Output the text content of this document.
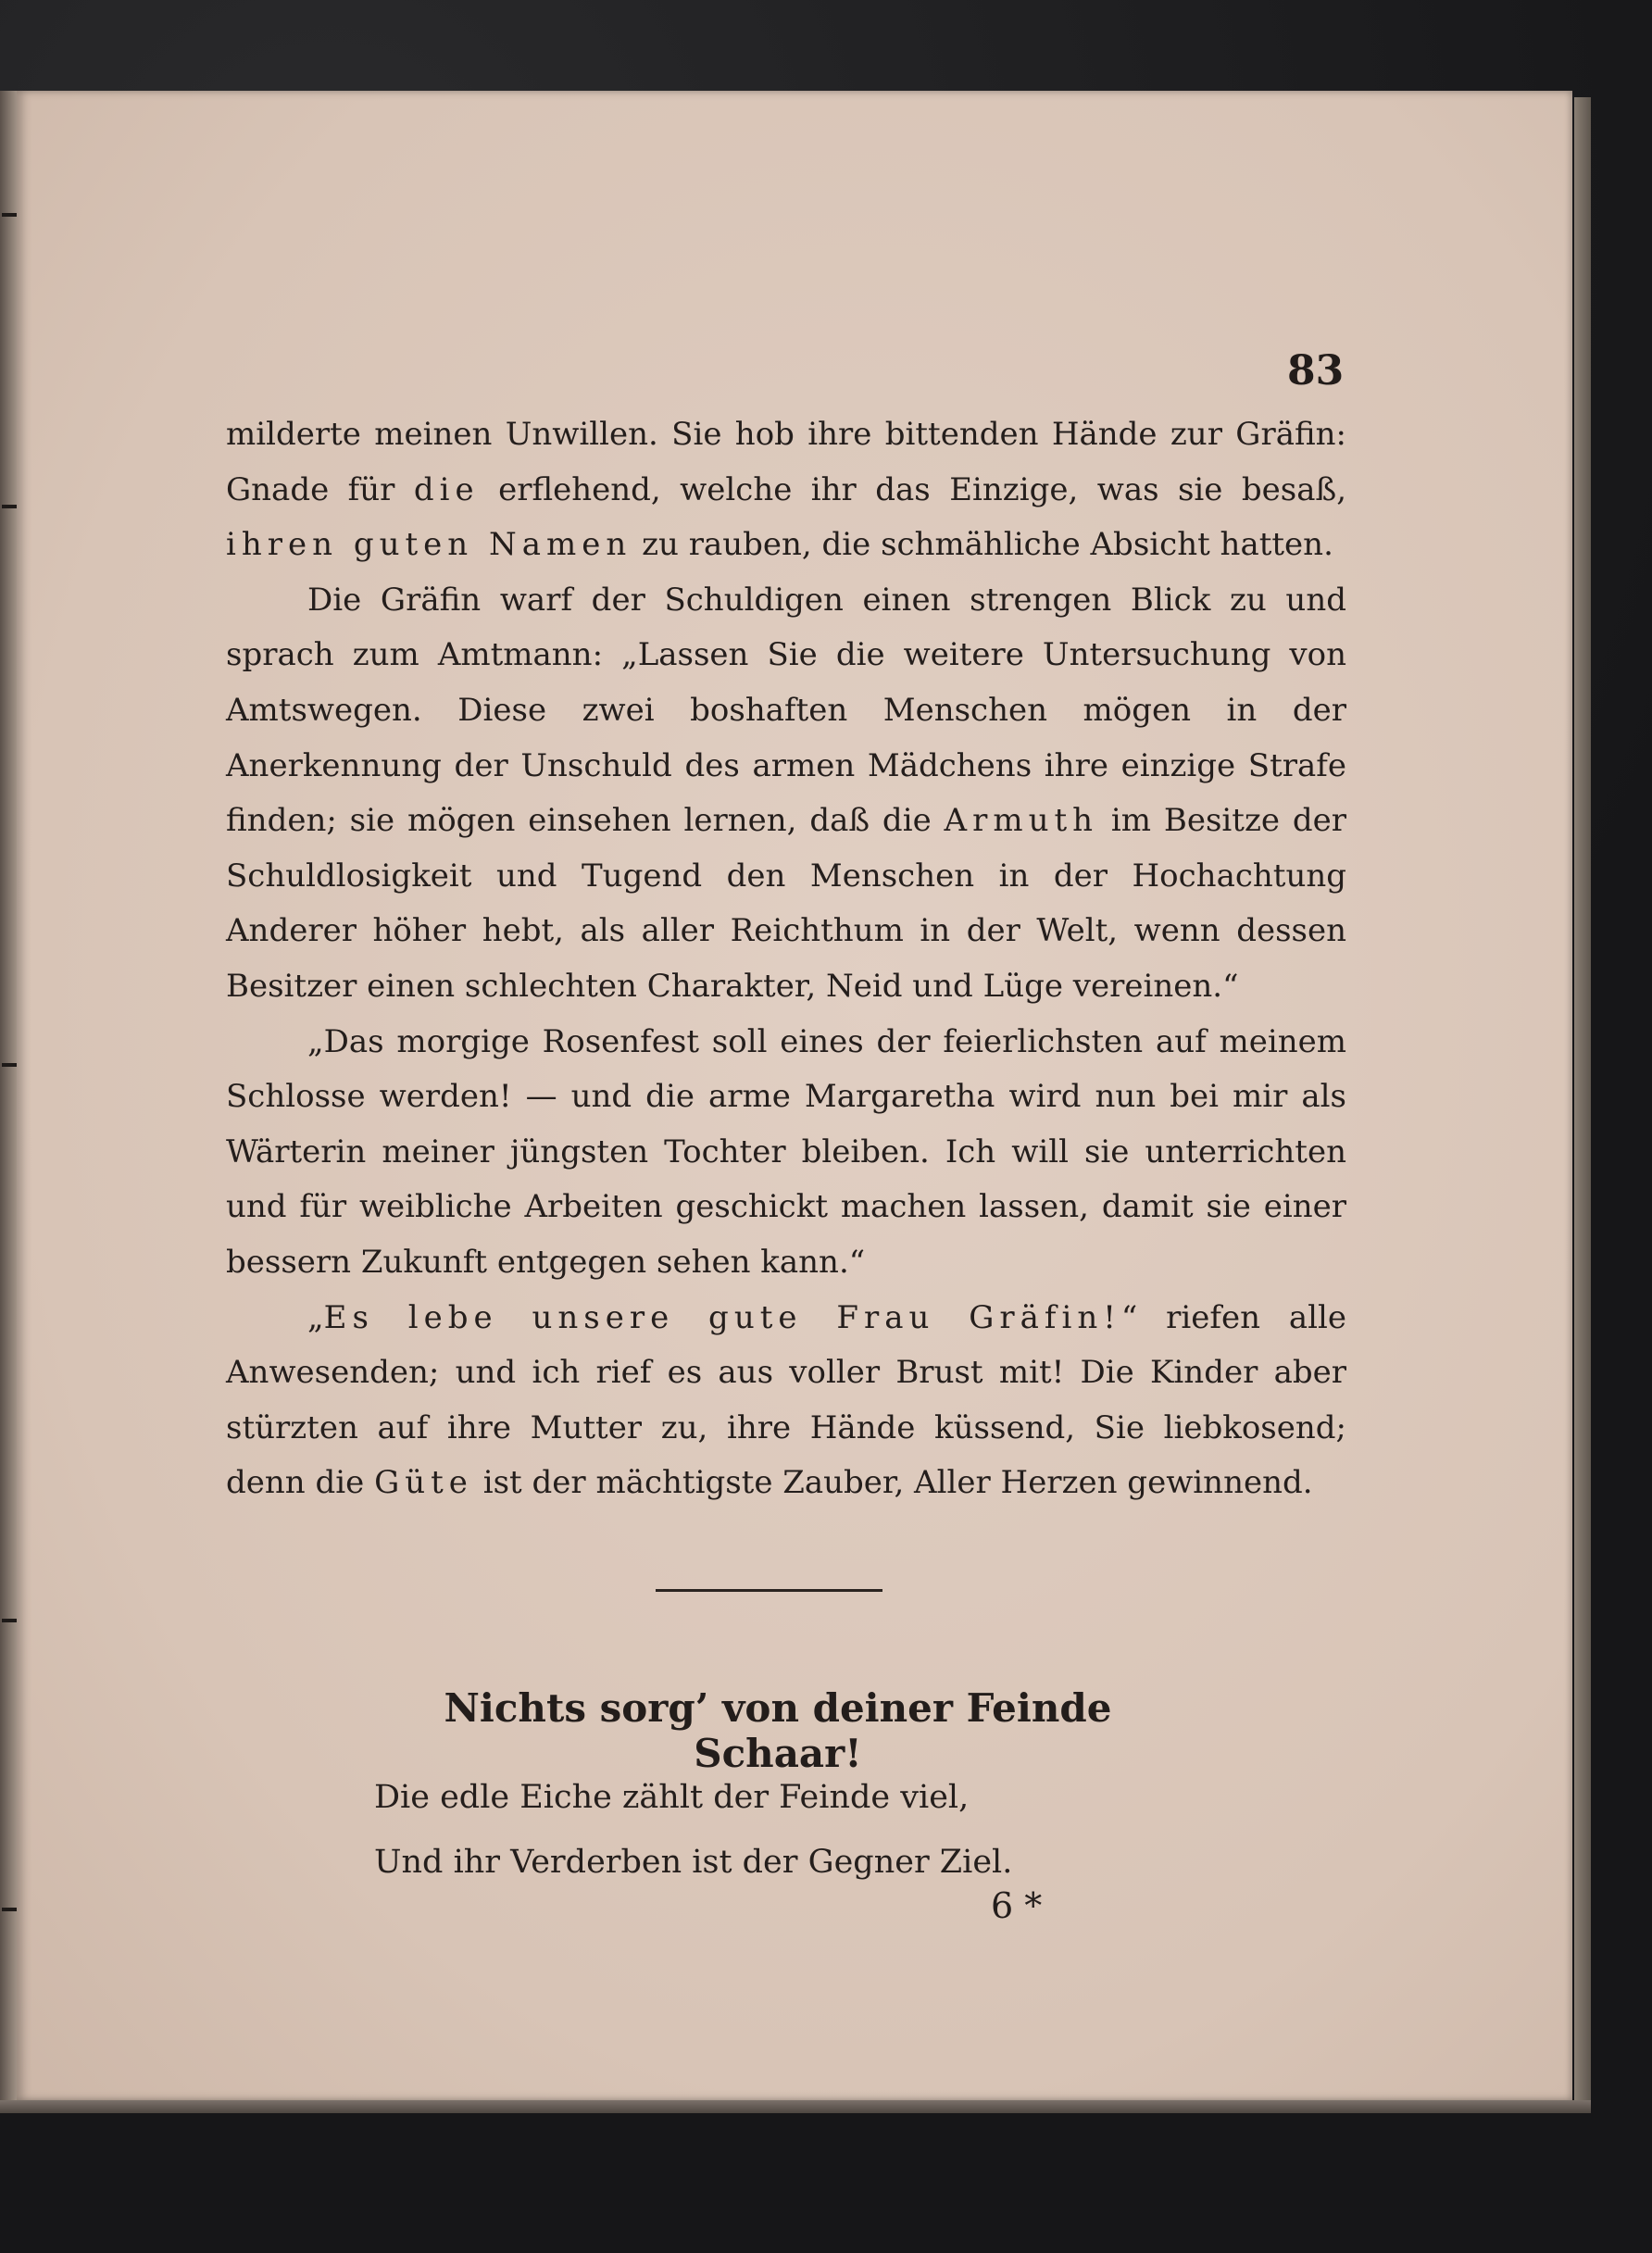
83

milderte meinen Unwillen. Sie hob ihre bittenden Hände zur Gräfin: Gnade für die erflehend, welche ihr das Einzige, was sie besaß, ihren guten Namen zu rauben, die schmähliche Absicht hatten.

Die Gräfin warf der Schuldigen einen strengen Blick zu und sprach zum Amtmann: „Lassen Sie die weitere Untersuchung von Amtswegen. Diese zwei boshaften Menschen mögen in der Anerkennung der Unschuld des armen Mädchens ihre einzige Strafe finden; sie mögen einsehen lernen, daß die Armuth im Besitze der Schuldlosigkeit und Tugend den Menschen in der Hochachtung Anderer höher hebt, als aller Reichthum in der Welt, wenn dessen Besitzer einen schlechten Charakter, Neid und Lüge vereinen.“

„Das morgige Rosenfest soll eines der feierlichsten auf meinem Schlosse werden! — und die arme Margaretha wird nun bei mir als Wärterin meiner jüngsten Tochter bleiben. Ich will sie unterrichten und für weibliche Arbeiten geschickt machen lassen, damit sie einer bessern Zukunft entgegen sehen kann.“

„Es lebe unsere gute Frau Gräfin!“ riefen alle Anwesenden; und ich rief es aus voller Brust mit! Die Kinder aber stürzten auf ihre Mutter zu, ihre Hände küssend, Sie liebkosend; denn die Güte ist der mächtigste Zauber, Aller Herzen gewinnend.

Nichts sorg’ von deiner Feinde Schaar!
Die edle Eiche zählt der Feinde viel,
Und ihr Verderben ist der Gegner Ziel.
6 *
